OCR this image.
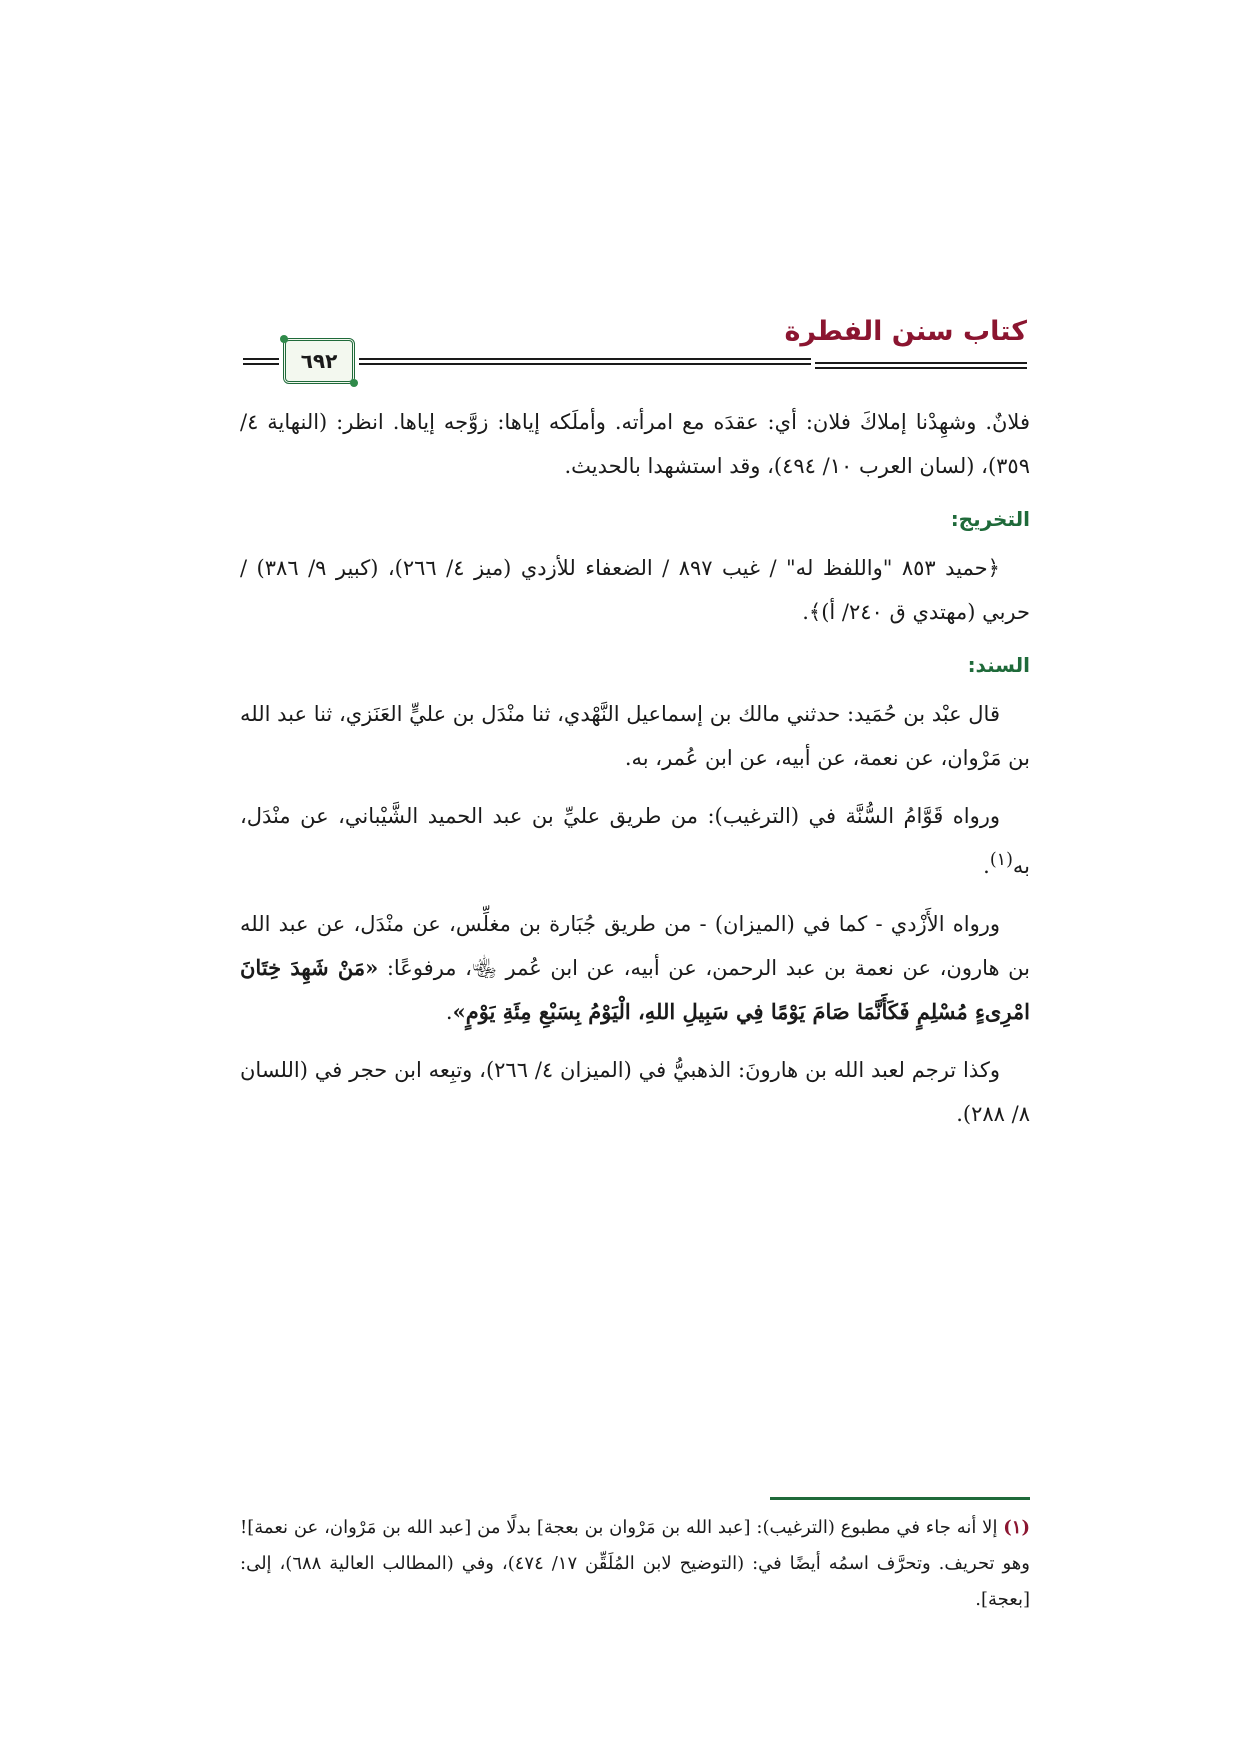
كتاب سنن الفطرة
٦٩٢

فلانٌ. وشهِدْنا إملاكَ فلان: أي: عقدَه مع امرأته. وأملَكه إياها: زوَّجه إياها. انظر: (النهاية ٤/ ٣٥٩)، (لسان العرب ١٠/ ٤٩٤)، وقد استشهدا بالحديث.

التخريج:

﴿حميد ٨٥٣ "واللفظ له" / غيب ٨٩٧ / الضعفاء للأزدي (ميز ٤/ ٢٦٦)، (كبير ٩/ ٣٨٦) / حربي (مهتدي ق ٢٤٠/ أ)﴾.

السند:

قال عبْد بن حُمَيد: حدثني مالك بن إسماعيل النَّهْدي، ثنا منْدَل بن عليٍّ العَنَزي، ثنا عبد الله بن مَرْوان، عن نعمة، عن أبيه، عن ابن عُمر، به.

ورواه قَوَّامُ السُّنَّة في (الترغيب): من طريق عليِّ بن عبد الحميد الشَّيْباني، عن منْدَل، به$^{(١)}$.

ورواه الأَزْدي - كما في (الميزان) - من طريق جُبَارة بن مغلِّس، عن منْدَل، عن عبد الله بن هارون، عن نعمة بن عبد الرحمن، عن أبيه، عن ابن عُمر ﵄، مرفوعًا: «مَنْ شَهِدَ خِتَانَ امْرِىءٍ مُسْلِمٍ فَكَأَنَّمَا صَامَ يَوْمًا فِي سَبِيلِ اللهِ، الْيَوْمُ بِسَبْعِ مِئَةِ يَوْمٍ».

وكذا ترجم لعبد الله بن هارونَ: الذهبيُّ في (الميزان ٤/ ٢٦٦)، وتبِعه ابن حجر في (اللسان ٨/ ٢٨٨).

(١) إلا أنه جاء في مطبوع (الترغيب): [عبد الله بن مَرْوان بن بعجة] بدلًا من [عبد الله بن مَرْوان، عن نعمة]! وهو تحريف. وتحرَّف اسمُه أيضًا في: (التوضيح لابن المُلَقِّن ١٧/ ٤٧٤)، وفي (المطالب العالية ٦٨٨)، إلى: [بعجة].
